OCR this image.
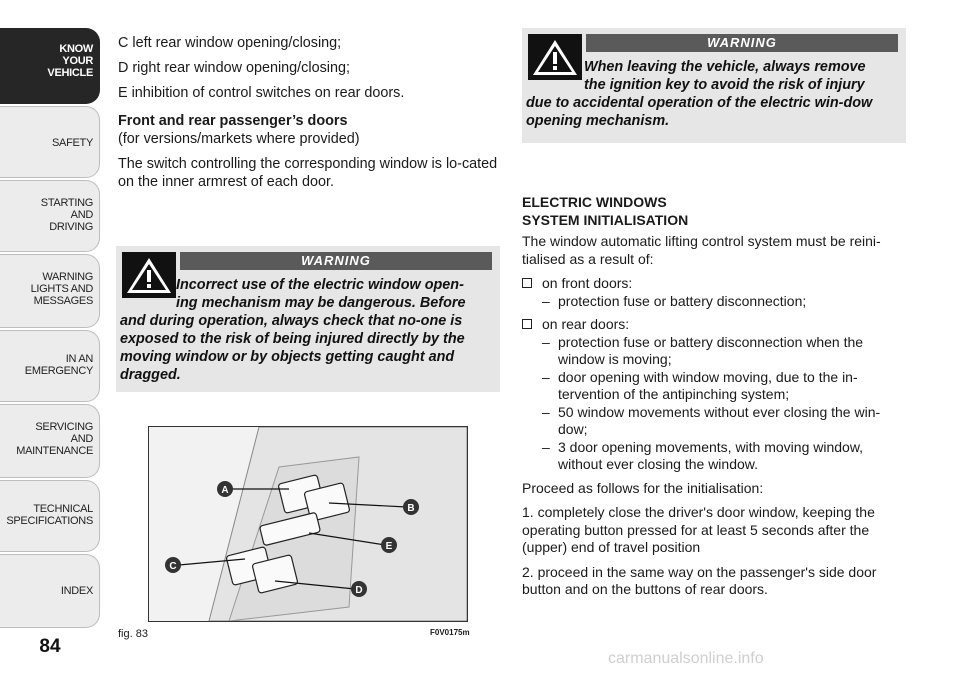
KNOW
YOUR
VEHICLE
SAFETY
STARTING
AND
DRIVING
WARNING
LIGHTS AND
MESSAGES
IN AN
EMERGENCY
SERVICING
AND
MAINTENANCE
TECHNICAL
SPECIFICATIONS
INDEX
84

C left rear window opening/closing;

D right rear window opening/closing;

E inhibition of control switches on rear doors.

Front and rear passenger’s doors

(for versions/markets where provided)

The switch controlling the corresponding window is lo-cated on the inner armrest of each door.

WARNING
Incorrect use of the electric window open-
ing mechanism may be dangerous. Before
and during operation, always check that no-one is exposed to the risk of being injured directly by the moving window or by objects getting caught and dragged.
A
B
C
D
E
fig. 83	F0V0175m
WARNING
When leaving the vehicle, always remove
the ignition key to avoid the risk of injury
due to accidental operation of the electric win-dow opening mechanism.
ELECTRIC WINDOWS
SYSTEM INITIALISATION

The window automatic lifting control system must be reini-tialised as a result of:

on front doors:
– protection fuse or battery disconnection;
on rear doors:
– protection fuse or battery disconnection when the window is moving;
– door opening with window moving, due to the in-tervention of the antipinching system;
– 50 window movements without ever closing the win-dow;
– 3 door opening movements, with moving window, without ever closing the window.

Proceed as follows for the initialisation:

1. completely close the driver's door window, keeping the operating button pressed for at least 5 seconds after the (upper) end of travel position

2. proceed in the same way on the passenger's side door button and on the buttons of rear doors.

carmanualsonline.info
